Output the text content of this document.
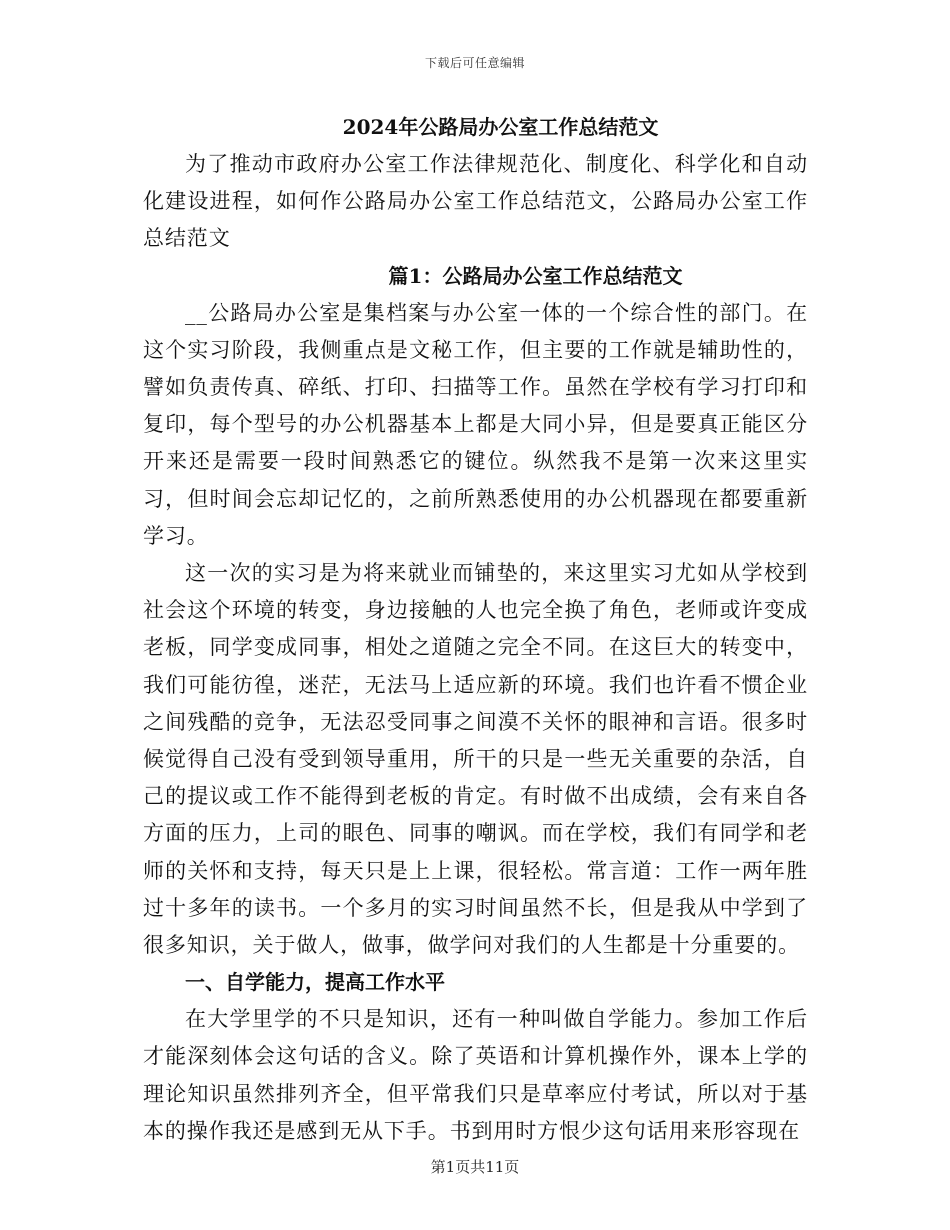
下载后可任意编辑
2024年公路局办公室工作总结范文

为了推动市政府办公室工作法律规范化、制度化、科学化和自动化建设进程，如何作公路局办公室工作总结范文，公路局办公室工作总结范文

篇1：公路局办公室工作总结范文

__公路局办公室是集档案与办公室一体的一个综合性的部门。在这个实习阶段，我侧重点是文秘工作，但主要的工作就是辅助性的，譬如负责传真、碎纸、打印、扫描等工作。虽然在学校有学习打印和复印，每个型号的办公机器基本上都是大同小异，但是要真正能区分开来还是需要一段时间熟悉它的键位。纵然我不是第一次来这里实习，但时间会忘却记忆的，之前所熟悉使用的办公机器现在都要重新学习。

这一次的实习是为将来就业而铺垫的，来这里实习尤如从学校到社会这个环境的转变，身边接触的人也完全换了角色，老师或许变成老板，同学变成同事，相处之道随之完全不同。在这巨大的转变中，我们可能彷徨，迷茫，无法马上适应新的环境。我们也许看不惯企业之间残酷的竞争，无法忍受同事之间漠不关怀的眼神和言语。很多时候觉得自己没有受到领导重用，所干的只是一些无关重要的杂活，自己的提议或工作不能得到老板的肯定。有时做不出成绩，会有来自各方面的压力，上司的眼色、同事的嘲讽。而在学校，我们有同学和老师的关怀和支持，每天只是上上课，很轻松。常言道：工作一两年胜过十多年的读书。一个多月的实习时间虽然不长，但是我从中学到了很多知识，关于做人，做事，做学问对我们的人生都是十分重要的。

一、自学能力，提高工作水平

在大学里学的不只是知识，还有一种叫做自学能力。参加工作后才能深刻体会这句话的含义。除了英语和计算机操作外，课本上学的理论知识虽然排列齐全，但平常我们只是草率应付考试，所以对于基本的操作我还是感到无从下手。书到用时方恨少这句话用来形容现在

第1页共11页
